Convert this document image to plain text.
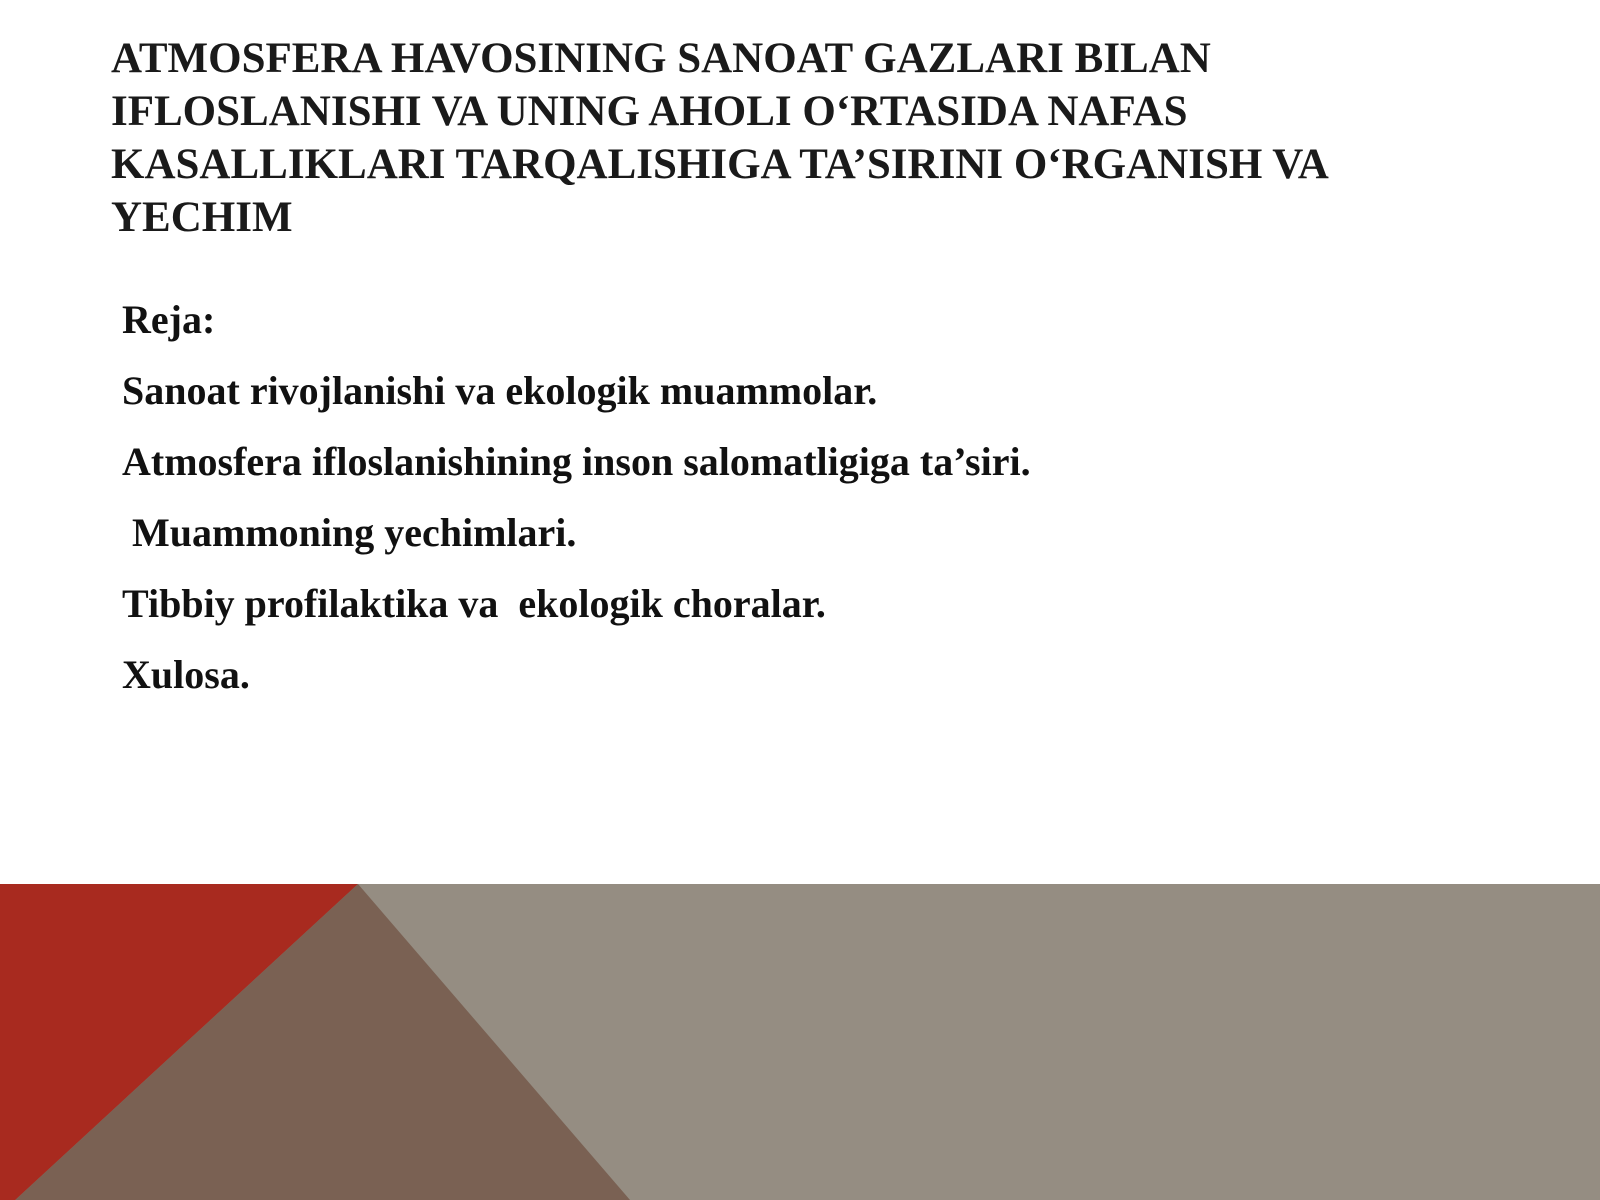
ATMOSFERA HAVOSINING SANOAT GAZLARI BILAN IFLOSLANISHI VA UNING AHOLI O‘RTASIDA NAFAS KASALLIKLARI TARQALISHIGA TA’SIRINI O‘RGANISH VA YECHIM
Reja:
Sanoat rivojlanishi va ekologik muammolar.
Atmosfera ifloslanishining inson salomatligiga ta’siri.
Muammoning yechimlari.
Tibbiy profilaktika va  ekologik choralar.
Xulosa.
